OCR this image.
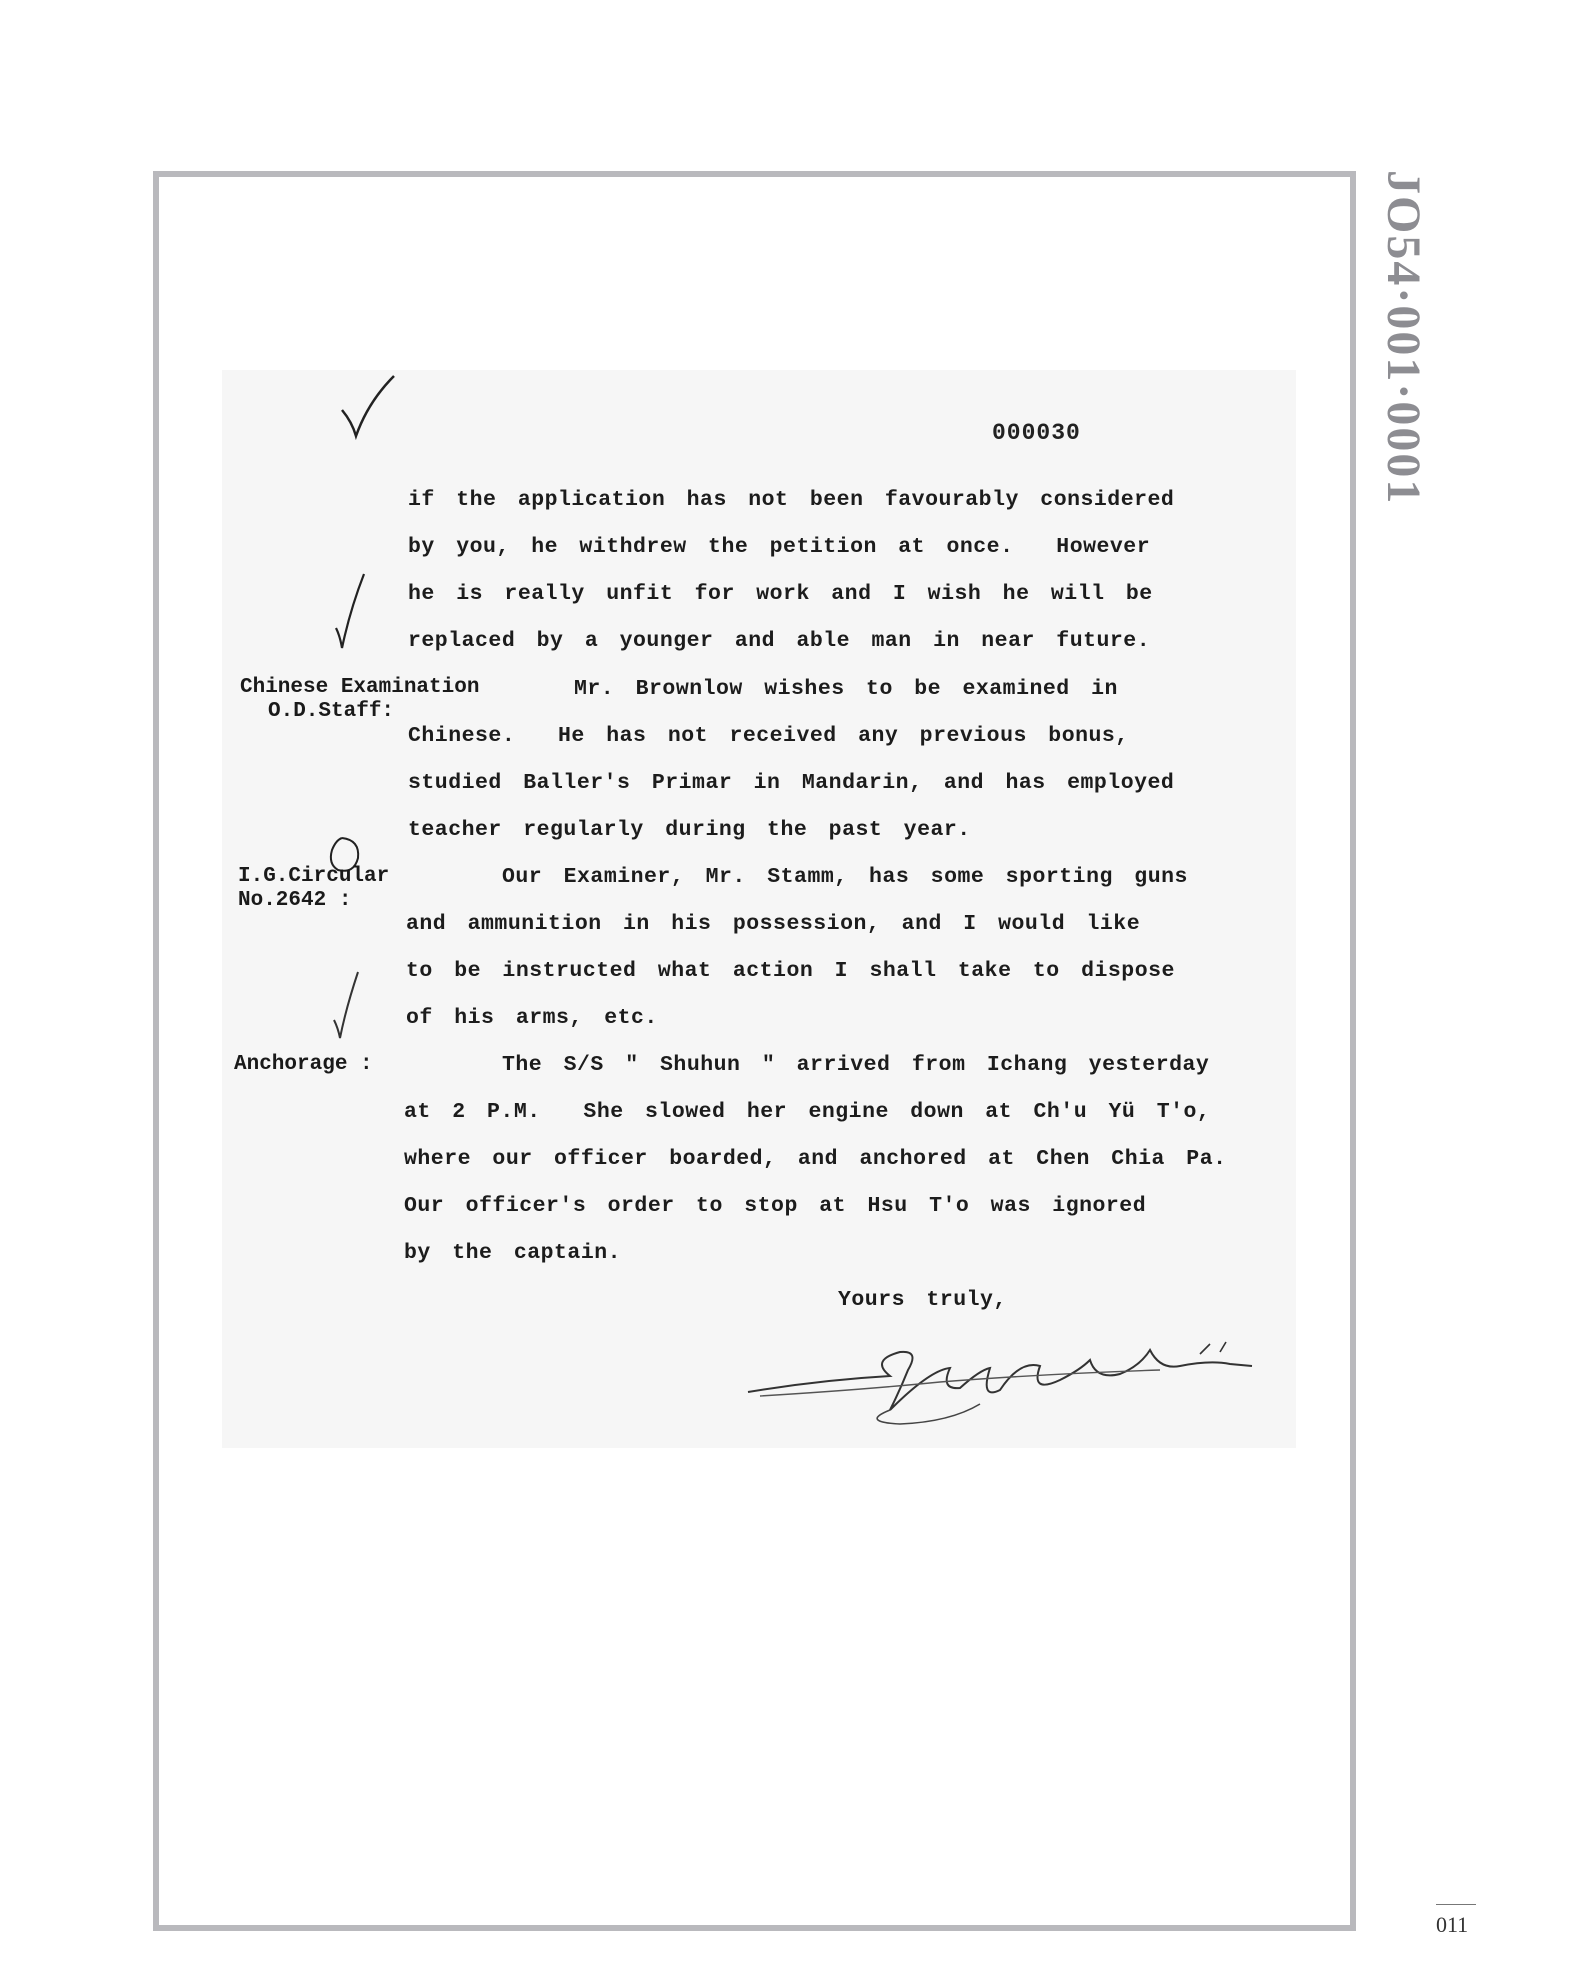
JO54·001·0001
011
000030
Chinese Examination
O.D.Staff:
I.G.Circular
No.2642 :
Anchorage :
if the application has not been favourably considered
by you, he withdrew the petition at once.  However
he is really unfit for work and I wish he will be
replaced by a younger and able man in near future.
Mr. Brownlow wishes to be examined in
Chinese.  He has not received any previous bonus,
studied Baller's Primar in Mandarin, and has employed
teacher regularly during the past year.
Our Examiner, Mr. Stamm, has some sporting guns
and ammunition in his possession, and I would like
to be instructed what action I shall take to dispose
of his arms, etc.
The S/S " Shuhun " arrived from Ichang yesterday
at 2 P.M.  She slowed her engine down at Ch'u Yü T'o,
where our officer boarded, and anchored at Chen Chia Pa.
Our officer's order to stop at Hsu T'o was ignored
by the captain.
Yours truly,
